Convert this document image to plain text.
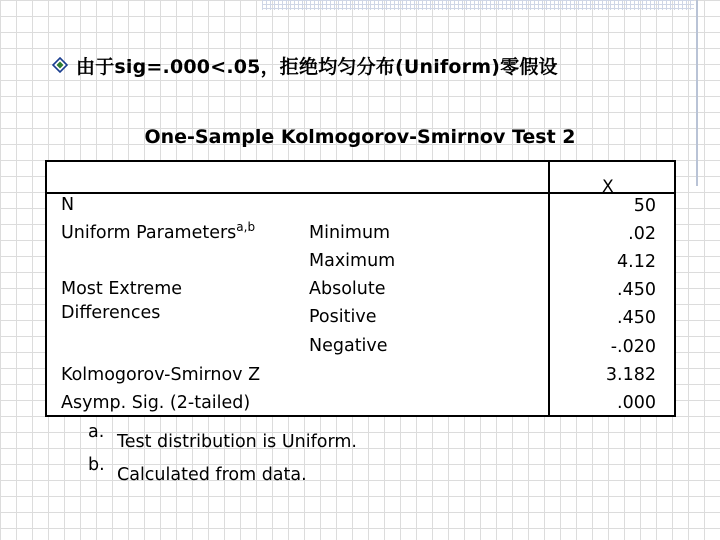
由于sig=.000<.05，拒绝均匀分布(Uniform)零假设
One-Sample Kolmogorov-Smirnov Test 2
X
N
Uniform Parameters$^{a,b}$
Most Extreme
Differences
Kolmogorov-Smirnov Z
Asymp. Sig. (2-tailed)
Minimum
Maximum
Absolute
Positive
Negative
50
.02
4.12
.450
.450
-.020
3.182
.000
a. Test distribution is Uniform.
b. Calculated from data.
